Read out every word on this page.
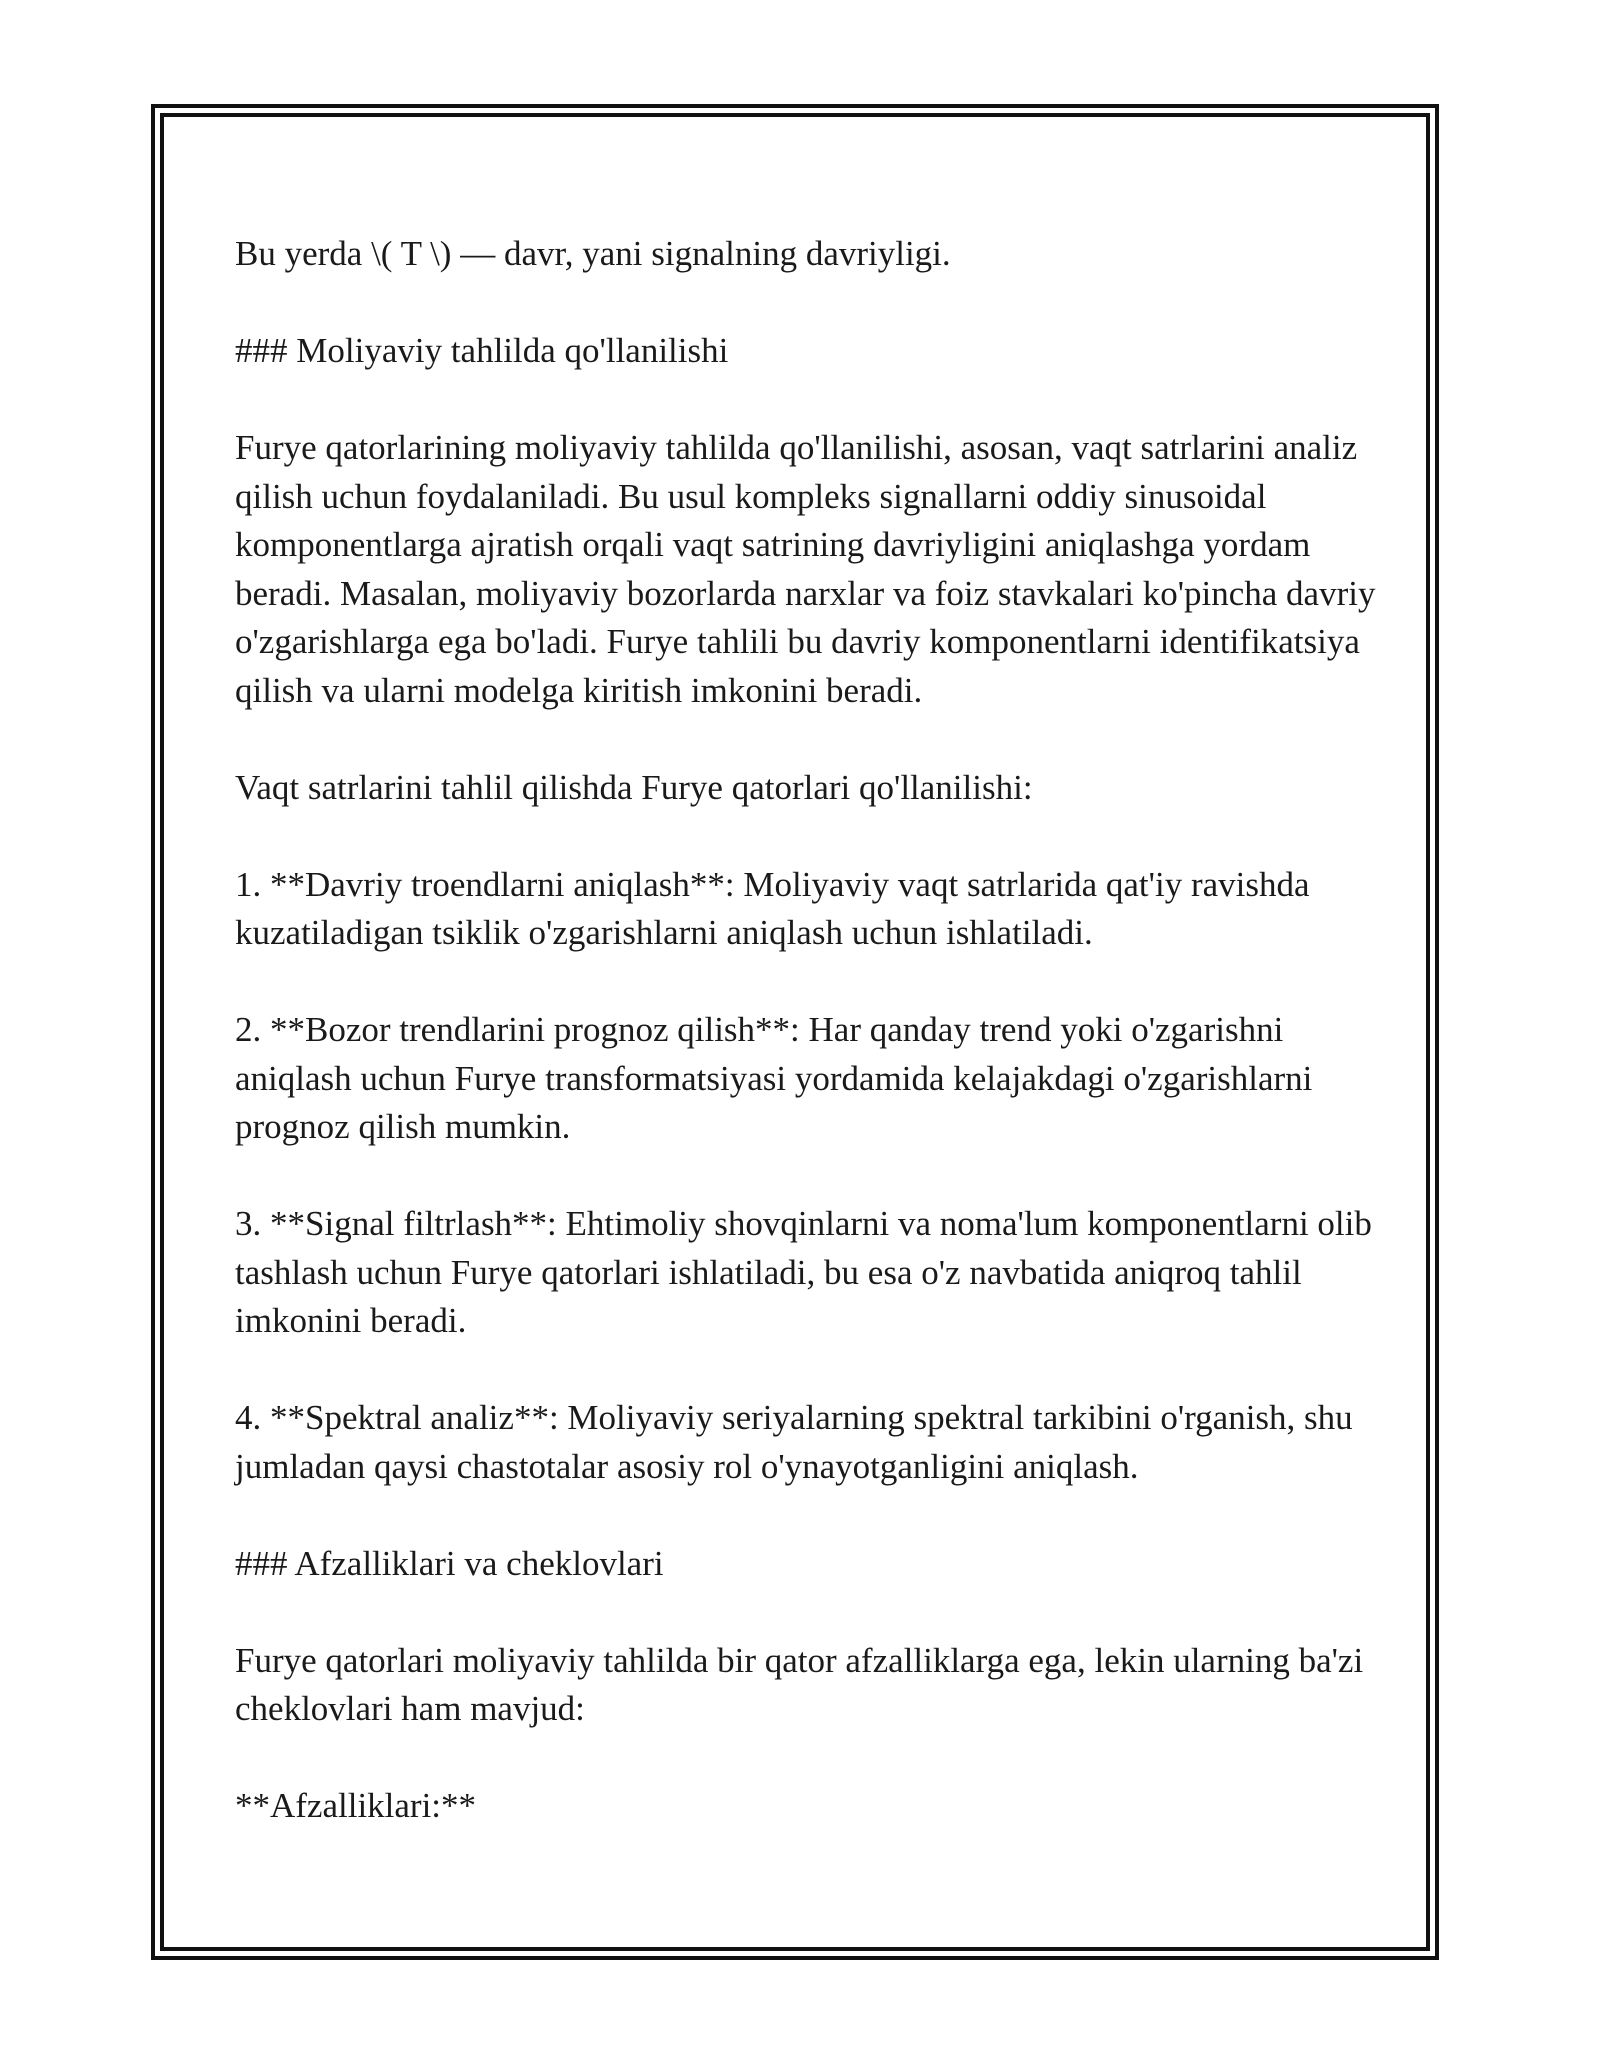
Bu yerda \( T \) — davr, yani signalning davriyligi.

### Moliyaviy tahlilda qo'llanilishi

Furye qatorlarining moliyaviy tahlilda qo'llanilishi, asosan, vaqt satrlarini analiz qilish uchun foydalaniladi. Bu usul kompleks signallarni oddiy sinusoidal komponentlarga ajratish orqali vaqt satrining davriyligini aniqlashga yordam beradi. Masalan, moliyaviy bozorlarda narxlar va foiz stavkalari ko'pincha davriy o'zgarishlarga ega bo'ladi. Furye tahlili bu davriy komponentlarni identifikatsiya qilish va ularni modelga kiritish imkonini beradi.

Vaqt satrlarini tahlil qilishda Furye qatorlari qo'llanilishi:

1. **Davriy troendlarni aniqlash**: Moliyaviy vaqt satrlarida qat'iy ravishda kuzatiladigan tsiklik o'zgarishlarni aniqlash uchun ishlatiladi.

2. **Bozor trendlarini prognoz qilish**: Har qanday trend yoki o'zgarishni aniqlash uchun Furye transformatsiyasi yordamida kelajakdagi o'zgarishlarni prognoz qilish mumkin.

3. **Signal filtrlash**: Ehtimoliy shovqinlarni va noma'lum komponentlarni olib tashlash uchun Furye qatorlari ishlatiladi, bu esa o'z navbatida aniqroq tahlil imkonini beradi.

4. **Spektral analiz**: Moliyaviy seriyalarning spektral tarkibini o'rganish, shu jumladan qaysi chastotalar asosiy rol o'ynayotganligini aniqlash.

### Afzalliklari va cheklovlari

Furye qatorlari moliyaviy tahlilda bir qator afzalliklarga ega, lekin ularning ba'zi cheklovlari ham mavjud:

**Afzalliklari:**
